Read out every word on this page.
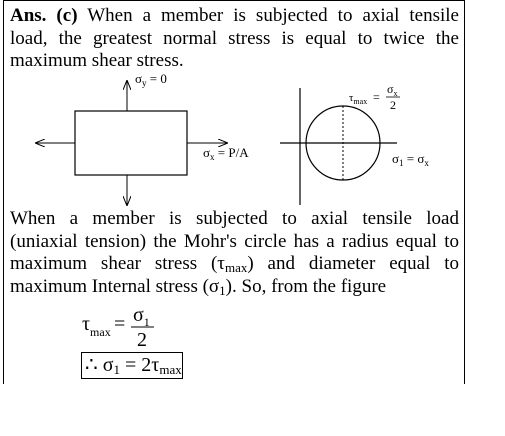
Ans. (c) When a member is subjected to axial tensile
load, the greatest normal stress is equal to twice the
maximum shear stress.
$\sigma_y = 0$
$\sigma_x = P/A$
$\tau_{max}$ =
$\sigma_x$
2
$\sigma_1 = \sigma_x$
$\tau_{max} = \sigma_1$
2
When a member is subjected to axial tensile load
(uniaxial tension) the Mohr's circle has a radius equal to
maximum shear stress $(\tau_{max})$ and diameter equal to
maximum Internal stress $(\sigma_1)$. So, from the figure
∴ $\sigma_1 = 2\tau_{max}$
